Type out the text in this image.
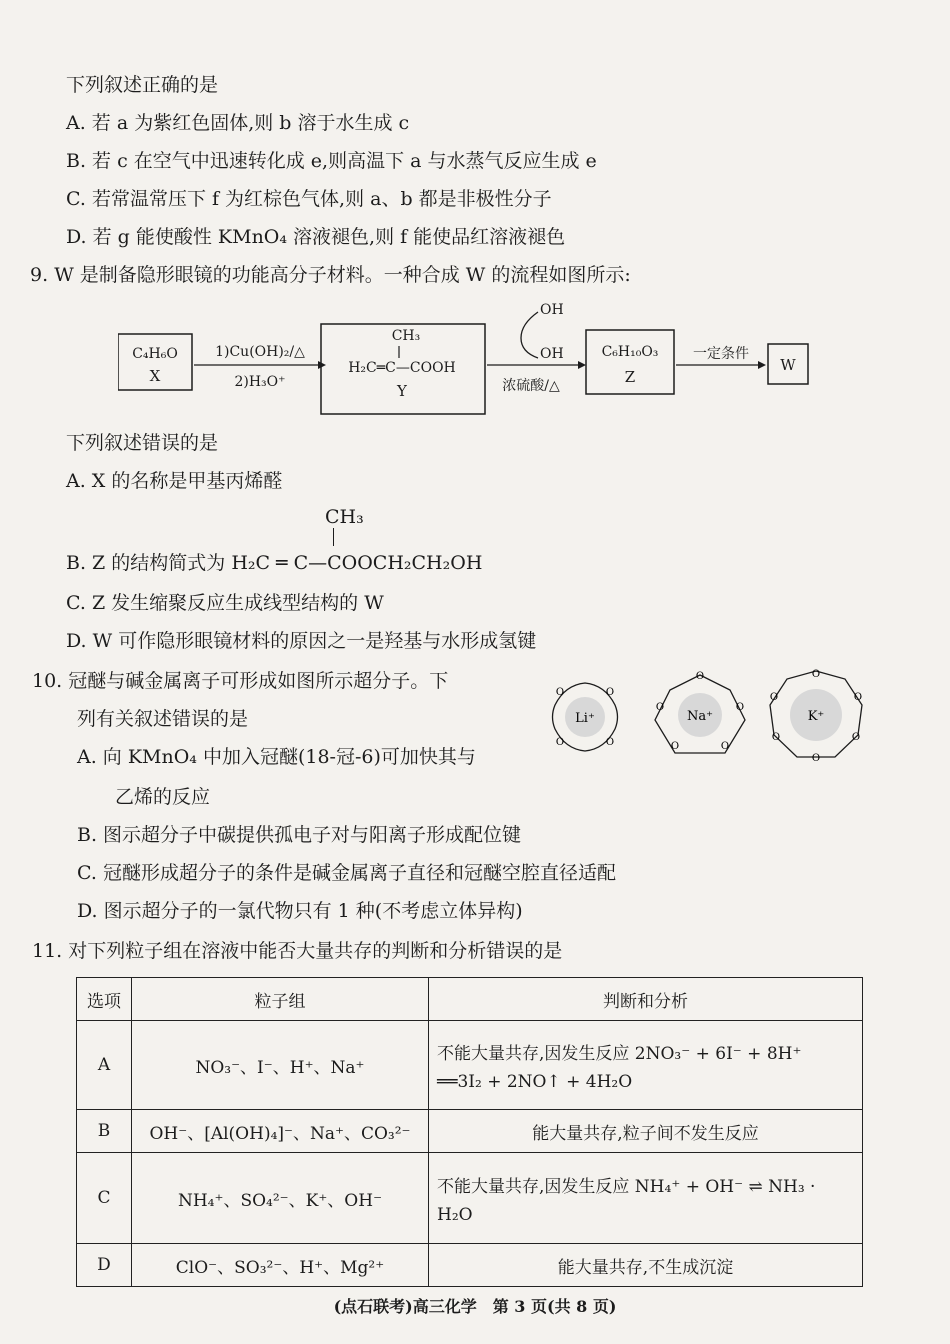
下列叙述正确的是
A. 若 a 为紫红色固体,则 b 溶于水生成 c
B. 若 c 在空气中迅速转化成 e,则高温下 a 与水蒸气反应生成 e
C. 若常温常压下 f 为红棕色气体,则 a、b 都是非极性分子
D. 若 g 能使酸性 KMnO₄ 溶液褪色,则 f 能使品红溶液褪色
9. W 是制备隐形眼镜的功能高分子材料。一种合成 W 的流程如图所示:
C₄H₆O
X
1)Cu(OH)₂/△
2)H₃O⁺
CH₃
H₂C═C—COOH
Y
OH
OH
浓硫酸/△
C₆H₁₀O₃
Z
一定条件
W
下列叙述错误的是
A. X 的名称是甲基丙烯醛
CH₃
B. Z 的结构简式为 H₂C ═ C—COOCH₂CH₂OH
C. Z 发生缩聚反应生成线型结构的 W
D. W 可作隐形眼镜材料的原因之一是羟基与水形成氢键
10. 冠醚与碱金属离子可形成如图所示超分子。下
列有关叙述错误的是	Li⁺
O	O
O	O
Na⁺
O
O
O
O
O
K⁺
O
O
O
O
O
O
A. 向 KMnO₄ 中加入冠醚(18-冠-6)可加快其与
乙烯的反应
B. 图示超分子中碳提供孤电子对与阳离子形成配位键
C. 冠醚形成超分子的条件是碱金属离子直径和冠醚空腔直径适配
D. 图示超分子的一氯代物只有 1 种(不考虑立体异构)
11. 对下列粒子组在溶液中能否大量共存的判断和分析错误的是
选项	粒子组	判断和分析
A	NO₃⁻、I⁻、H⁺、Na⁺	不能大量共存,因发生反应 2NO₃⁻ + 6I⁻ + 8H⁺
══3I₂ + 2NO↑ + 4H₂O

B	OH⁻、[Al(OH)₄]⁻、Na⁺、CO₃²⁻	能大量共存,粒子间不发生反应
C	NH₄⁺、SO₄²⁻、K⁺、OH⁻	不能大量共存,因发生反应 NH₄⁺ + OH⁻ ⇌ NH₃ ·
H₂O

D	ClO⁻、SO₃²⁻、H⁺、Mg²⁺	能大量共存,不生成沉淀
(点石联考)高三化学　第 3 页(共 8 页)
